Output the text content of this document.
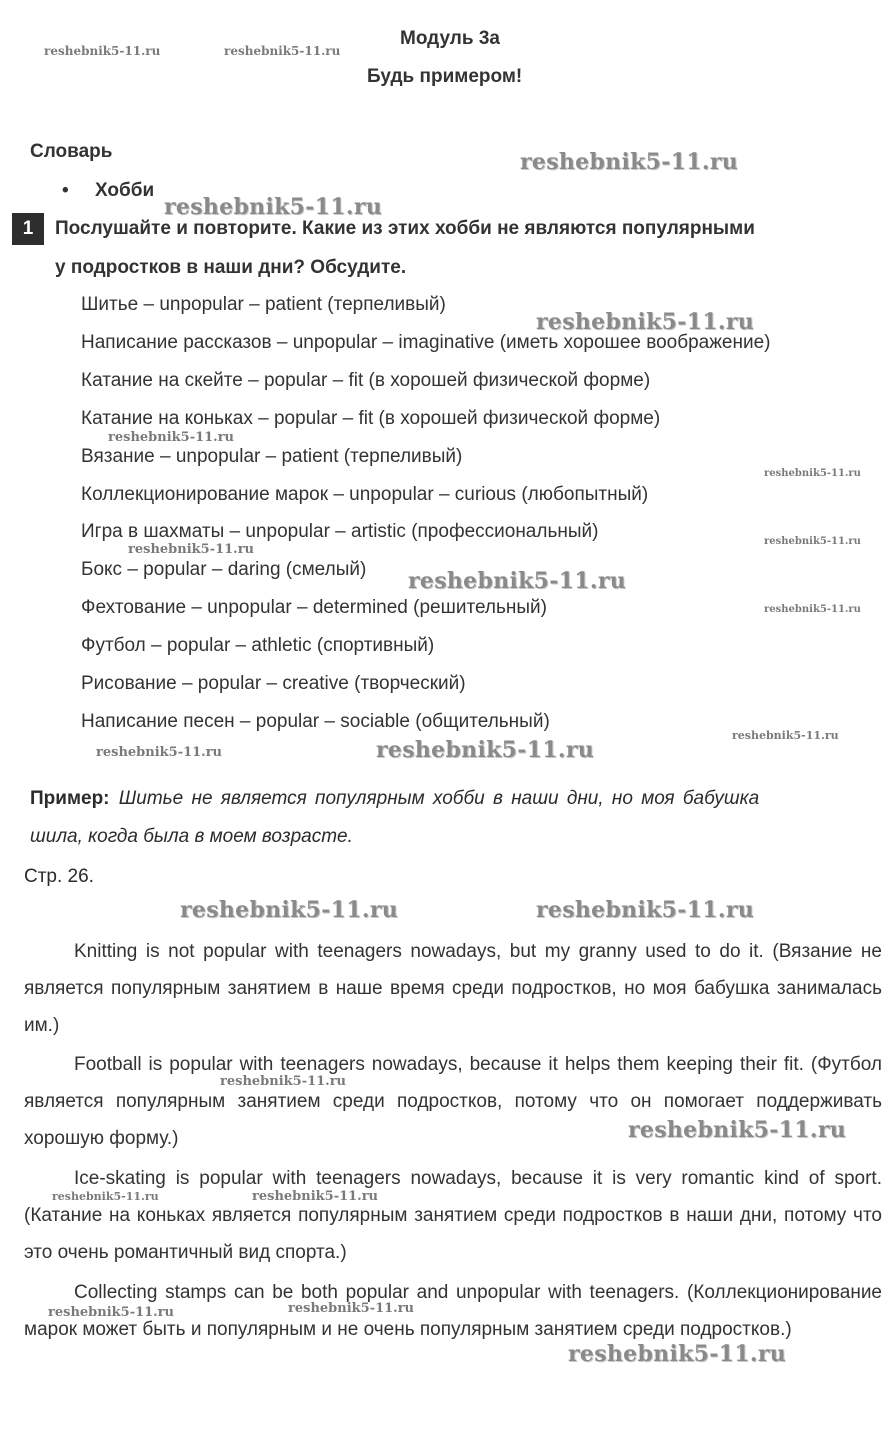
Модуль 3а
Будь примером!
Словарь
• Хобби
1	Послушайте и повторите. Какие из этих хобби не являются популярными
у подростков в наши дни? Обсудите.
Шитье – unpopular – patient (терпеливый)
Написание рассказов – unpopular – imaginative (иметь хорошее воображение)
Катание на скейте – popular – fit (в хорошей физической форме)
Катание на коньках – popular – fit (в хорошей физической форме)
Вязание – unpopular – patient (терпеливый)
Коллекционирование марок – unpopular – curious (любопытный)
Игра в шахматы – unpopular – artistic (профессиональный)
Бокс – popular – daring (смелый)
Фехтование – unpopular – determined (решительный)
Футбол – popular – athletic (спортивный)
Рисование – popular – creative (творческий)
Написание песен – popular – sociable (общительный)
Пример: Шитье не является популярным хобби в наши дни, но моя бабушка
шила, когда была в моем возрасте.
Стр. 26.

Knitting is not popular with teenagers nowadays, but my granny used to do it. (Вязание не является популярным занятием в наше время среди подростков, но моя бабушка занималась им.)

Football is popular with teenagers nowadays, because it helps them keeping their fit. (Футбол является популярным занятием среди подростков, потому что он помогает поддерживать хорошую форму.)

Ice-skating is popular with teenagers nowadays, because it is very romantic kind of sport. (Катание на коньках является популярным занятием среди подростков в наши дни, потому что это очень романтичный вид спорта.)

Collecting stamps can be both popular and unpopular with teenagers. (Коллекционирование марок может быть и популярным и не очень популярным занятием среди подростков.)

reshebnik5-11.ru	reshebnik5-11.ru
reshebnik5-11.ru
reshebnik5-11.ru
reshebnik5-11.ru
reshebnik5-11.ru
reshebnik5-11.ru
reshebnik5-11.ru
reshebnik5-11.ru
reshebnik5-11.ru
reshebnik5-11.ru
reshebnik5-11.ru
reshebnik5-11.ru	reshebnik5-11.ru
reshebnik5-11.ru	reshebnik5-11.ru
reshebnik5-11.ru
reshebnik5-11.ru
reshebnik5-11.ru	reshebnik5-11.ru
reshebnik5-11.ru	reshebnik5-11.ru
reshebnik5-11.ru
